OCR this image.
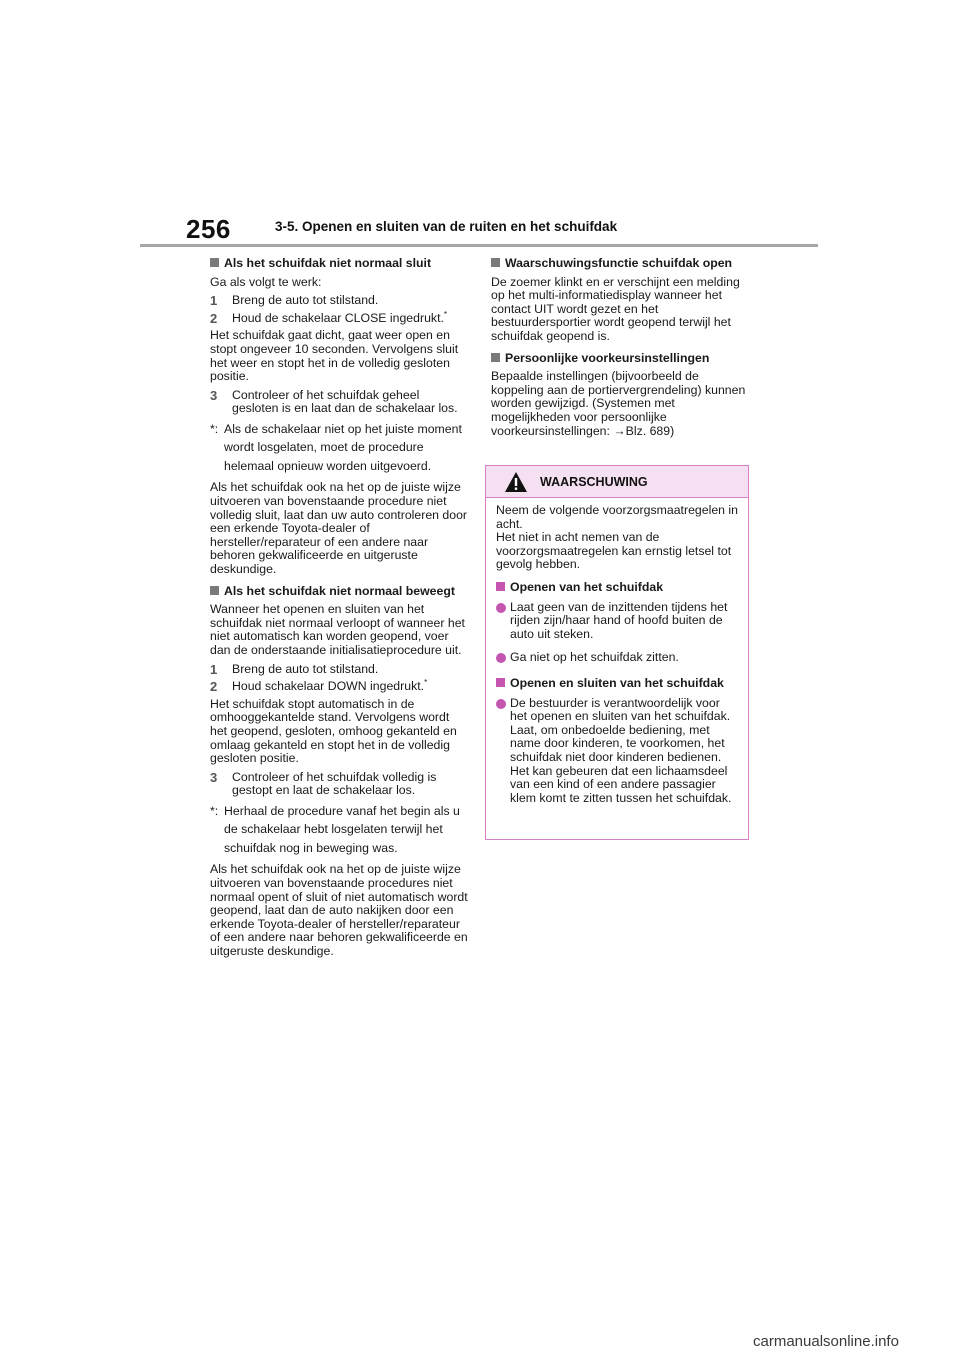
256	3-5. Openen en sluiten van de ruiten en het schuifdak
Als het schuifdak niet normaal sluit

Ga als volgt te werk:

1	Breng de auto tot stilstand.
2	Houd de schakelaar CLOSE ingedrukt.*

Het schuifdak gaat dicht, gaat weer open en stopt ongeveer 10 seconden. Vervolgens sluit het weer en stopt het in de volledig gesloten positie.

3	Controleer of het schuifdak geheel gesloten is en laat dan de schakelaar los.
*: Als de schakelaar niet op het juiste moment wordt losgelaten, moet de procedure helemaal opnieuw worden uitgevoerd.

Als het schuifdak ook na het op de juiste wijze uitvoeren van bovenstaande procedure niet volledig sluit, laat dan uw auto controleren door een erkende Toyota-dealer of hersteller/reparateur of een andere naar behoren gekwalificeerde en uitgeruste deskundige.

Als het schuifdak niet normaal beweegt

Wanneer het openen en sluiten van het schuifdak niet normaal verloopt of wanneer het niet automatisch kan worden geopend, voer dan de onderstaande initialisatieprocedure uit.

1	Breng de auto tot stilstand.
2	Houd schakelaar DOWN ingedrukt.*

Het schuifdak stopt automatisch in de omhooggekantelde stand. Vervolgens wordt het geopend, gesloten, omhoog gekanteld en omlaag gekanteld en stopt het in de volledig gesloten positie.

3	Controleer of het schuifdak volledig is gestopt en laat de schakelaar los.
*: Herhaal de procedure vanaf het begin als u de schakelaar hebt losgelaten terwijl het schuifdak nog in beweging was.

Als het schuifdak ook na het op de juiste wijze uitvoeren van bovenstaande procedures niet normaal opent of sluit of niet automatisch wordt geopend, laat dan de auto nakijken door een erkende Toyota-dealer of hersteller/reparateur of een andere naar behoren gekwalificeerde en uitgeruste deskundige.

Waarschuwingsfunctie schuifdak open

De zoemer klinkt en er verschijnt een melding op het multi-informatiedisplay wanneer het contact UIT wordt gezet en het bestuurdersportier wordt geopend terwijl het schuifdak geopend is.

Persoonlijke voorkeursinstellingen

Bepaalde instellingen (bijvoorbeeld de koppeling aan de portiervergrendeling) kunnen worden gewijzigd. (Systemen met mogelijkheden voor persoonlijke voorkeursinstellingen: →Blz. 689)

WAARSCHUWING
Neem de volgende voorzorgsmaatregelen in acht.
Het niet in acht nemen van de voorzorgsmaatregelen kan ernstig letsel tot gevolg hebben.
Openen van het schuifdak
Laat geen van de inzittenden tijdens het rijden zijn/haar hand of hoofd buiten de auto uit steken.
Ga niet op het schuifdak zitten.
Openen en sluiten van het schuifdak
De bestuurder is verantwoordelijk voor het openen en sluiten van het schuifdak. Laat, om onbedoelde bediening, met name door kinderen, te voorkomen, het schuifdak niet door kinderen bedienen. Het kan gebeuren dat een lichaamsdeel van een kind of een andere passagier klem komt te zitten tussen het schuifdak.
carmanualsonline.info
